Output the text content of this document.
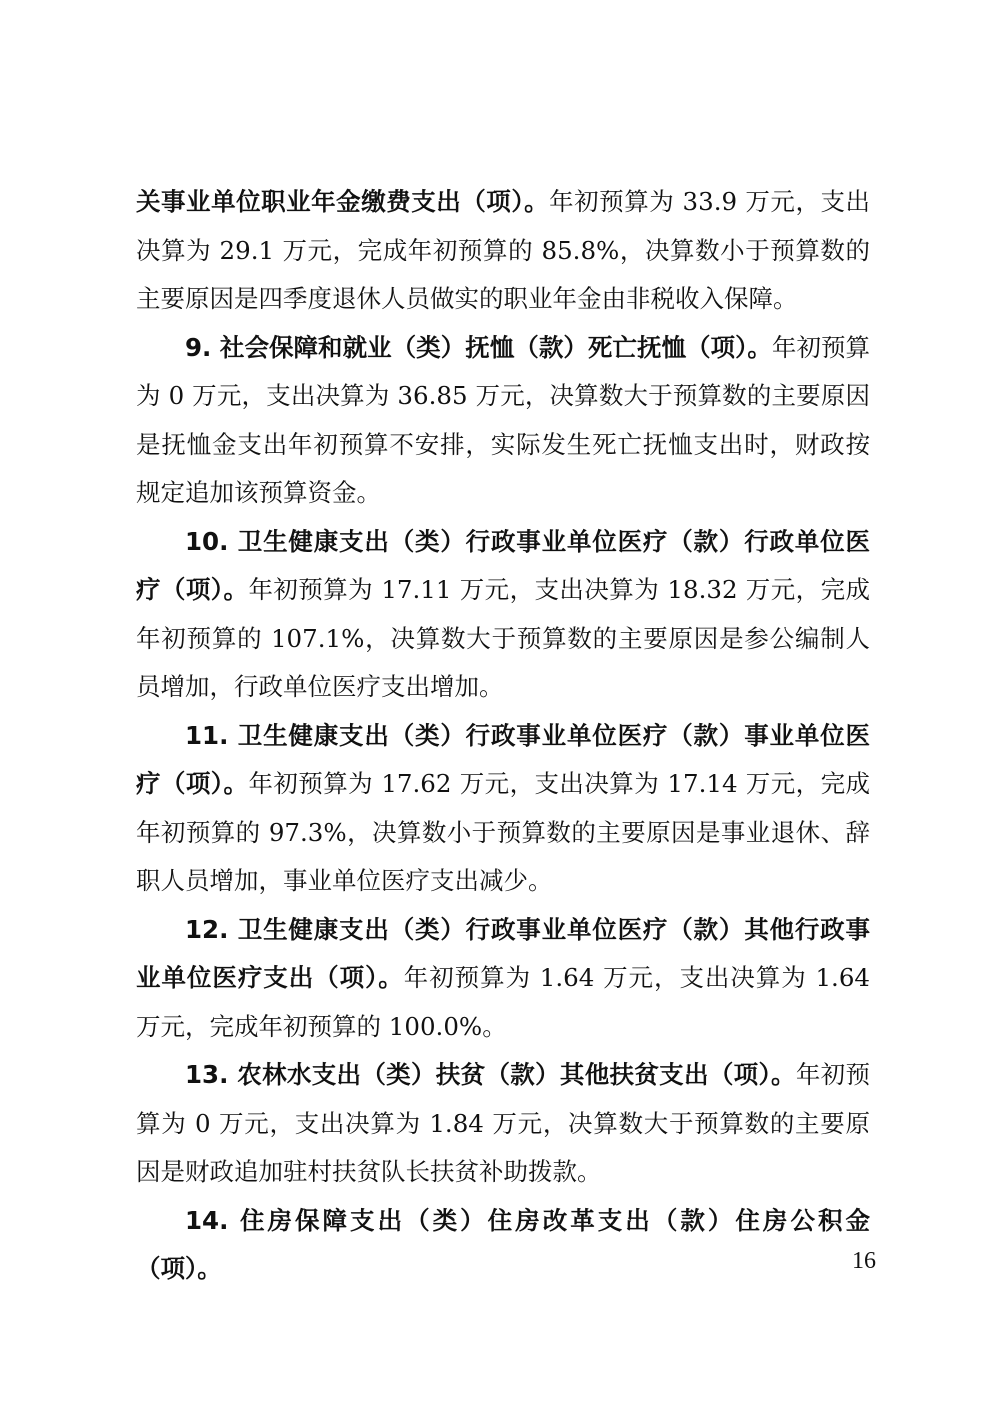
关事业单位职业年金缴费支出（项）。年初预算为 33.9 万元，支出决算为 29.1 万元，完成年初预算的 85.8%，决算数小于预算数的主要原因是四季度退休人员做实的职业年金由非税收入保障。

9. 社会保障和就业（类）抚恤（款）死亡抚恤（项）。年初预算为 0 万元，支出决算为 36.85 万元，决算数大于预算数的主要原因是抚恤金支出年初预算不安排，实际发生死亡抚恤支出时，财政按规定追加该预算资金。

10. 卫生健康支出（类）行政事业单位医疗（款）行政单位医疗（项）。年初预算为 17.11 万元，支出决算为 18.32 万元，完成年初预算的 107.1%，决算数大于预算数的主要原因是参公编制人员增加，行政单位医疗支出增加。

11. 卫生健康支出（类）行政事业单位医疗（款）事业单位医疗（项）。年初预算为 17.62 万元，支出决算为 17.14 万元，完成年初预算的 97.3%，决算数小于预算数的主要原因是事业退休、辞职人员增加，事业单位医疗支出减少。

12. 卫生健康支出（类）行政事业单位医疗（款）其他行政事业单位医疗支出（项）。年初预算为 1.64 万元，支出决算为 1.64 万元，完成年初预算的 100.0%。

13. 农林水支出（类）扶贫（款）其他扶贫支出（项）。年初预算为 0 万元，支出决算为 1.84 万元，决算数大于预算数的主要原因是财政追加驻村扶贫队长扶贫补助拨款。

14. 住房保障支出（类）住房改革支出（款）住房公积金（项）。	16
